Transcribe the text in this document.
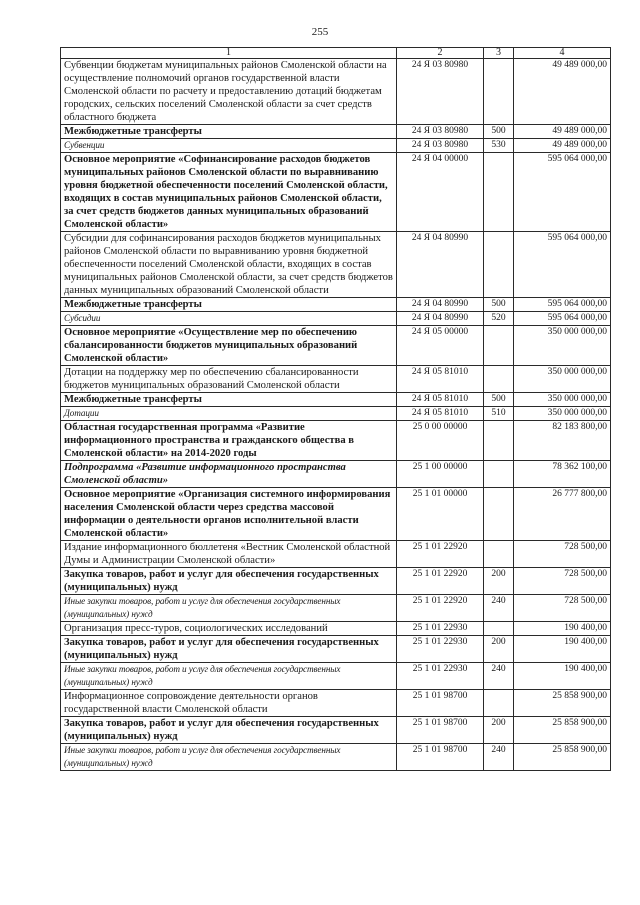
255
1	2	3	4
Субвенции бюджетам муниципальных районов Смоленской области на осуществление полномочий органов государственной власти Смоленской области по расчету и предоставлению дотаций бюджетам городских, сельских поселений Смоленской области за счет средств областного бюджета	24 Я 03 80980		49 489 000,00
Межбюджетные трансферты	24 Я 03 80980	500	49 489 000,00
Субвенции	24 Я 03 80980	530	49 489 000,00
Основное мероприятие «Софинансирование расходов бюджетов муниципальных районов Смоленской области по выравниванию уровня бюджетной обеспеченности поселений Смоленской области, входящих в состав муниципальных районов Смоленской области, за счет средств бюджетов данных муниципальных образований Смоленской области»	24 Я 04 00000		595 064 000,00
Субсидии для софинансирования расходов бюджетов муниципальных районов Смоленской области по выравниванию уровня бюджетной обеспеченности поселений Смоленской области, входящих в состав муниципальных районов Смоленской области, за счет средств бюджетов данных муниципальных образований Смоленской области	24 Я 04 80990		595 064 000,00
Межбюджетные трансферты	24 Я 04 80990	500	595 064 000,00
Субсидии	24 Я 04 80990	520	595 064 000,00
Основное мероприятие «Осуществление мер по обеспечению сбалансированности бюджетов муниципальных образований Смоленской области»	24 Я 05 00000		350 000 000,00
Дотации на поддержку мер по обеспечению сбалансированности бюджетов муниципальных образований Смоленской области	24 Я 05 81010		350 000 000,00
Межбюджетные трансферты	24 Я 05 81010	500	350 000 000,00
Дотации	24 Я 05 81010	510	350 000 000,00
Областная государственная программа «Развитие информационного пространства и гражданского общества в Смоленской области» на 2014-2020 годы	25 0 00 00000		82 183 800,00
Подпрограмма «Развитие информационного пространства Смоленской области»	25 1 00 00000		78 362 100,00
Основное мероприятие «Организация системного информирования населения Смоленской области через средства массовой информации о деятельности органов исполнительной власти Смоленской области»	25 1 01 00000		26 777 800,00
Издание информационного бюллетеня «Вестник Смоленской областной Думы и Администрации Смоленской области»	25 1 01 22920		728 500,00
Закупка товаров, работ и услуг для обеспечения государственных (муниципальных) нужд	25 1 01 22920	200	728 500,00
Иные закупки товаров, работ и услуг для обеспечения государственных (муниципальных) нужд	25 1 01 22920	240	728 500,00
Организация пресс-туров, социологических исследований	25 1 01 22930		190 400,00
Закупка товаров, работ и услуг для обеспечения государственных (муниципальных) нужд	25 1 01 22930	200	190 400,00
Иные закупки товаров, работ и услуг для обеспечения государственных (муниципальных) нужд	25 1 01 22930	240	190 400,00
Информационное сопровождение деятельности органов государственной власти Смоленской области	25 1 01 98700		25 858 900,00
Закупка товаров, работ и услуг для обеспечения государственных (муниципальных) нужд	25 1 01 98700	200	25 858 900,00
Иные закупки товаров, работ и услуг для обеспечения государственных (муниципальных) нужд	25 1 01 98700	240	25 858 900,00
